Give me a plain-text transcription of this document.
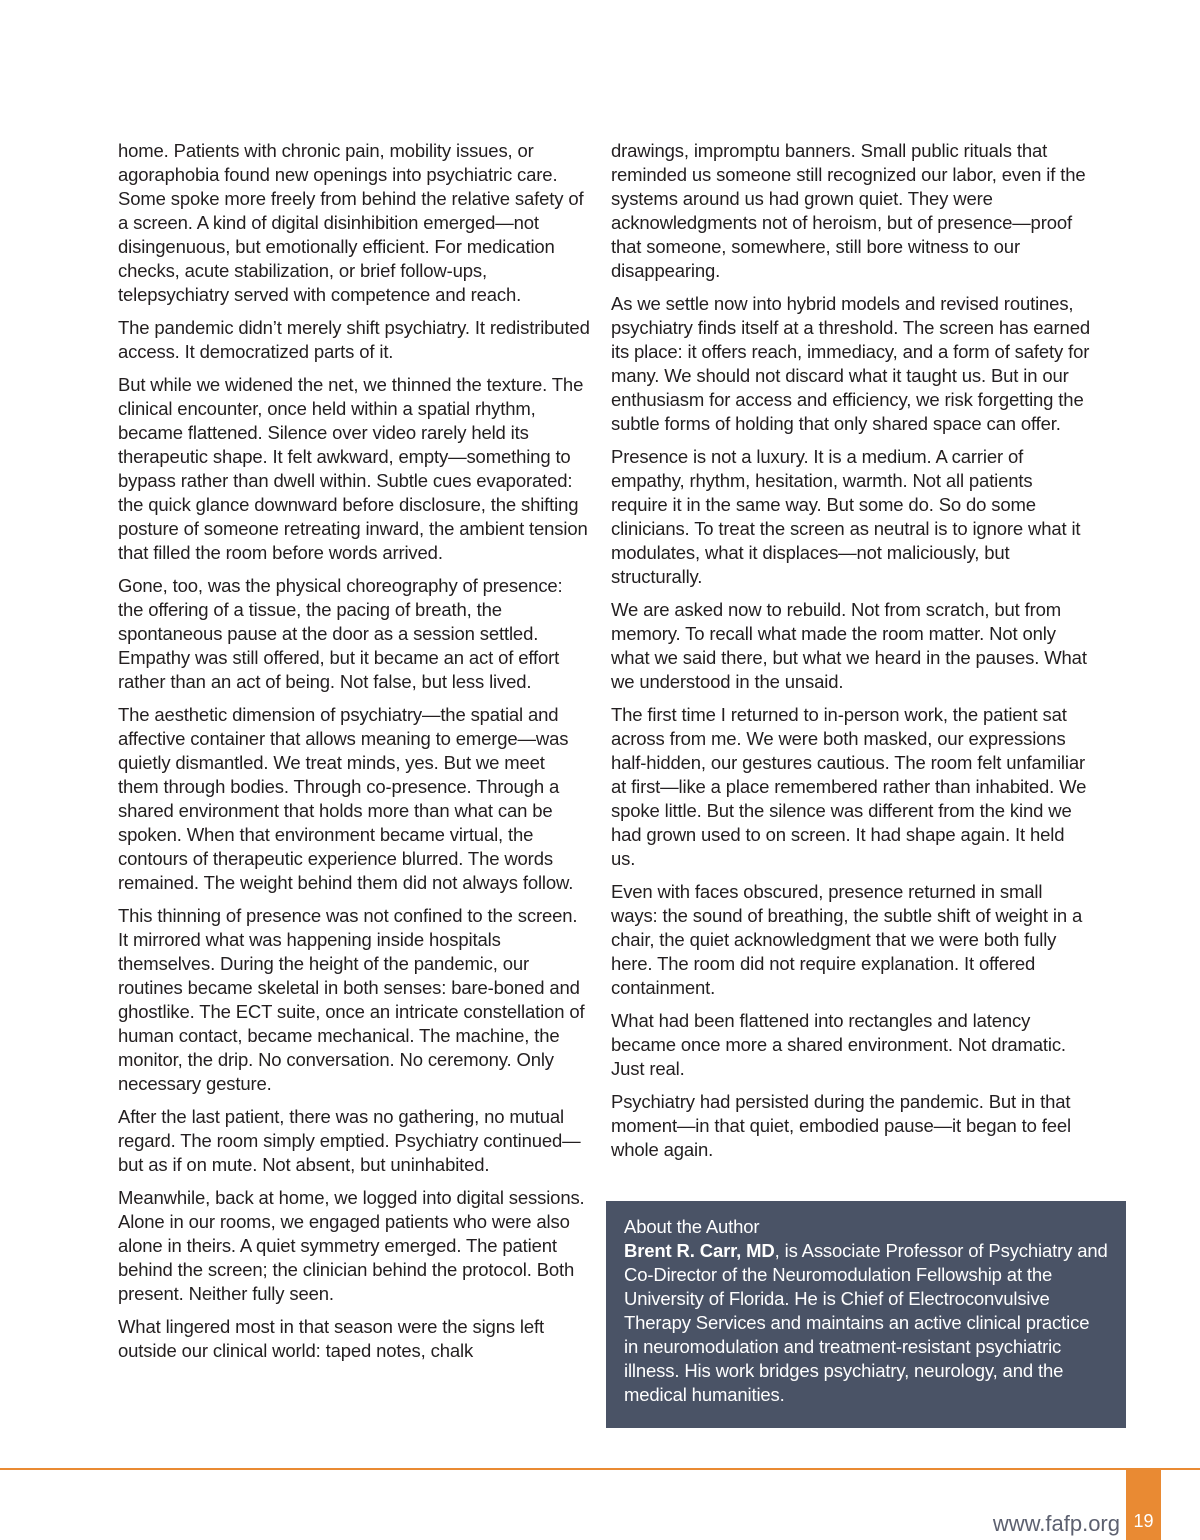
home. Patients with chronic pain, mobility issues, or agoraphobia found new openings into psychiatric care. Some spoke more freely from behind the relative safety of a screen. A kind of digital disinhibition emerged—not disingenuous, but emotionally efficient. For medication checks, acute stabilization, or brief follow-ups, telepsychiatry served with competence and reach.

The pandemic didn’t merely shift psychiatry. It redistributed access. It democratized parts of it.

But while we widened the net, we thinned the texture. The clinical encounter, once held within a spatial rhythm, became flattened. Silence over video rarely held its therapeutic shape. It felt awkward, empty—something to bypass rather than dwell within. Subtle cues evaporated: the quick glance downward before disclosure, the shifting posture of someone retreating inward, the ambient tension that filled the room before words arrived.

Gone, too, was the physical choreography of presence: the offering of a tissue, the pacing of breath, the spontaneous pause at the door as a session settled. Empathy was still offered, but it became an act of effort rather than an act of being. Not false, but less lived.

The aesthetic dimension of psychiatry—the spatial and affective container that allows meaning to emerge—was quietly dismantled. We treat minds, yes. But we meet them through bodies. Through co-presence. Through a shared environment that holds more than what can be spoken. When that environment became virtual, the contours of therapeutic experience blurred. The words remained. The weight behind them did not always follow.

This thinning of presence was not confined to the screen. It mirrored what was happening inside hospitals themselves. During the height of the pandemic, our routines became skeletal in both senses: bare-boned and ghostlike. The ECT suite, once an intricate constellation of human contact, became mechanical. The machine, the monitor, the drip. No conversation. No ceremony. Only necessary gesture.

After the last patient, there was no gathering, no mutual regard. The room simply emptied. Psychiatry continued—but as if on mute. Not absent, but uninhabited.

Meanwhile, back at home, we logged into digital sessions. Alone in our rooms, we engaged patients who were also alone in theirs. A quiet symmetry emerged. The patient behind the screen; the clinician behind the protocol. Both present. Neither fully seen.

What lingered most in that season were the signs left outside our clinical world: taped notes, chalk

drawings, impromptu banners. Small public rituals that reminded us someone still recognized our labor, even if the systems around us had grown quiet. They were acknowledgments not of heroism, but of presence—proof that someone, somewhere, still bore witness to our disappearing.

As we settle now into hybrid models and revised routines, psychiatry finds itself at a threshold. The screen has earned its place: it offers reach, immediacy, and a form of safety for many. We should not discard what it taught us. But in our enthusiasm for access and efficiency, we risk forgetting the subtle forms of holding that only shared space can offer.

Presence is not a luxury. It is a medium. A carrier of empathy, rhythm, hesitation, warmth. Not all patients require it in the same way. But some do. So do some clinicians. To treat the screen as neutral is to ignore what it modulates, what it displaces—not maliciously, but structurally.

We are asked now to rebuild. Not from scratch, but from memory. To recall what made the room matter. Not only what we said there, but what we heard in the pauses. What we understood in the unsaid.

The first time I returned to in-person work, the patient sat across from me. We were both masked, our expressions half-hidden, our gestures cautious. The room felt unfamiliar at first—like a place remembered rather than inhabited. We spoke little. But the silence was different from the kind we had grown used to on screen. It had shape again. It held us.

Even with faces obscured, presence returned in small ways: the sound of breathing, the subtle shift of weight in a chair, the quiet acknowledgment that we were both fully here. The room did not require explanation. It offered containment.

What had been flattened into rectangles and latency became once more a shared environment. Not dramatic. Just real.

Psychiatry had persisted during the pandemic. But in that moment—in that quiet, embodied pause—it began to feel whole again.

About the Author

Brent R. Carr, MD, is Associate Professor of Psychiatry and Co-Director of the Neuromodulation Fellowship at the University of Florida. He is Chief of Electroconvulsive Therapy Services and maintains an active clinical practice in neuromodulation and treatment-resistant psychiatric illness. His work bridges psychiatry, neurology, and the medical humanities.

www.fafp.org 19
